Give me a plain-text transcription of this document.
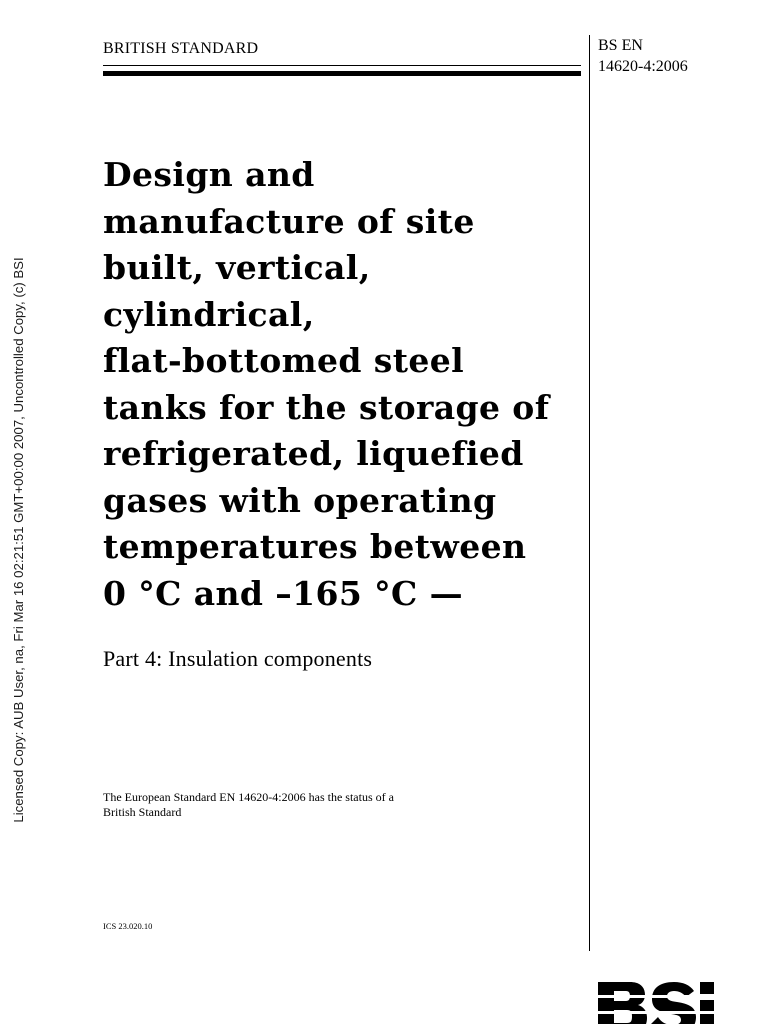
Licensed Copy: AUB User, na, Fri Mar 16 02:21:51 GMT+00:00 2007, Uncontrolled Copy, (c) BSI
BRITISH STANDARD	BS EN
14620-4:2006
Design and
manufacture of site
built, vertical,
cylindrical,
flat-bottomed steel
tanks for the storage of
refrigerated, liquefied
gases with operating
temperatures between
0 °C and –165 °C —
Part 4: Insulation components
The European Standard EN 14620-4:2006 has the status of a
British Standard
ICS 23.020.10
